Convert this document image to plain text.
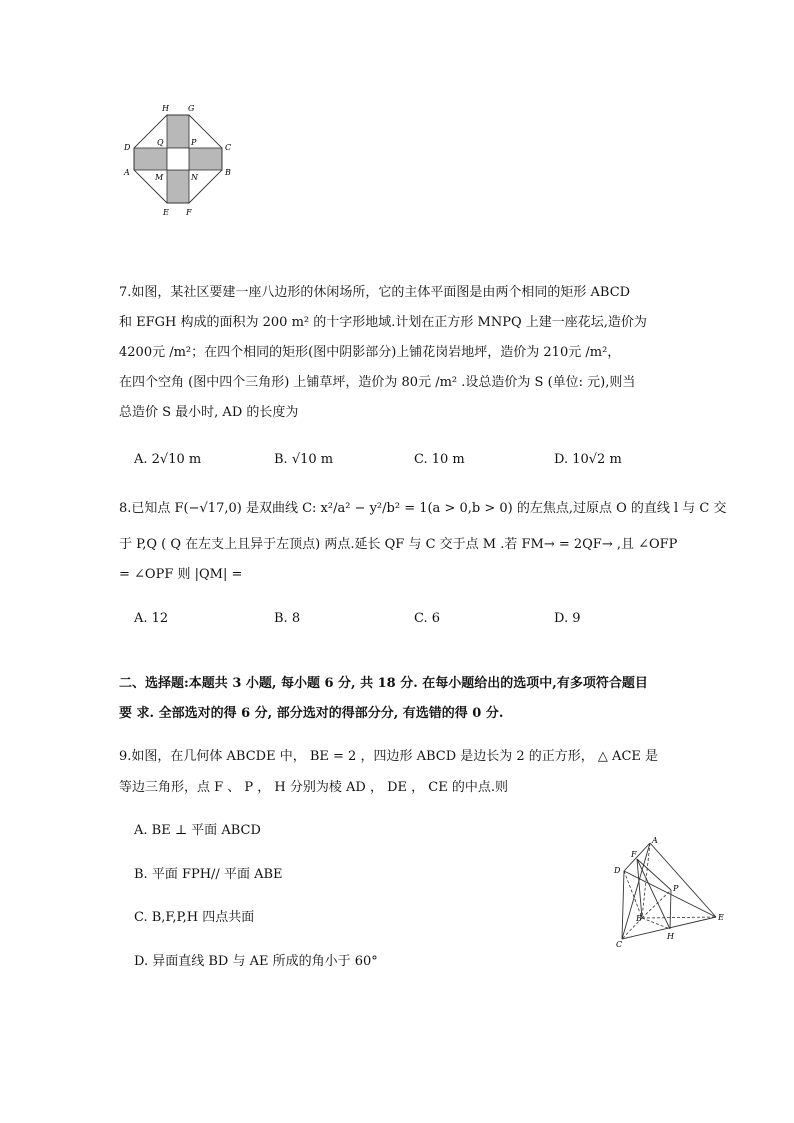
H G
D	C
A	B
E F
Q	P
M	N
7.如图，某社区要建一座八边形的休闲场所，它的主体平面图是由两个相同的矩形 ABCD
和 EFGH 构成的面积为 200 m² 的十字形地域.计划在正方形 MNPQ 上建一座花坛,造价为
4200元 /m²；在四个相同的矩形(图中阴影部分)上铺花岗岩地坪，造价为 210元 /m²，
在四个空角 (图中四个三角形) 上铺草坪，造价为 80元 /m² .设总造价为 S (单位: 元),则当
总造价 S 最小时, AD 的长度为
A. 2√10 m	B. √10 m	C. 10 m	D. 10√2 m
8.已知点 F(−√17,0) 是双曲线 C: x²/a² − y²/b² = 1(a > 0,b > 0) 的左焦点,过原点 O 的直线 l 与 C 交
于 P,Q ( Q 在左支上且异于左顶点) 两点.延长 QF 与 C 交于点 M .若 FM→ = 2QF→ ,且 ∠OFP
= ∠OPF 则 |QM| =
A. 12	B. 8	C. 6	D. 9
二、选择题:本题共 3 小题, 每小题 6 分, 共 18 分. 在每小题给出的选项中,有多项符合题目
要 求. 全部选对的得 6 分, 部分选对的得部分分, 有选错的得 0 分.
9.如图，在几何体 ABCDE 中， BE = 2 ，四边形 ABCD 是边长为 2 的正方形， △ ACE 是
等边三角形，点 F 、 P ， H 分别为棱 AD ， DE ， CE 的中点.则
A. BE ⊥ 平面 ABCD
B. 平面 FPH// 平面 ABE
C. B,F,P,H 四点共面
D. 异面直线 BD 与 AE 所成的角小于 60°
F
A
D
P
B	E
C
H
